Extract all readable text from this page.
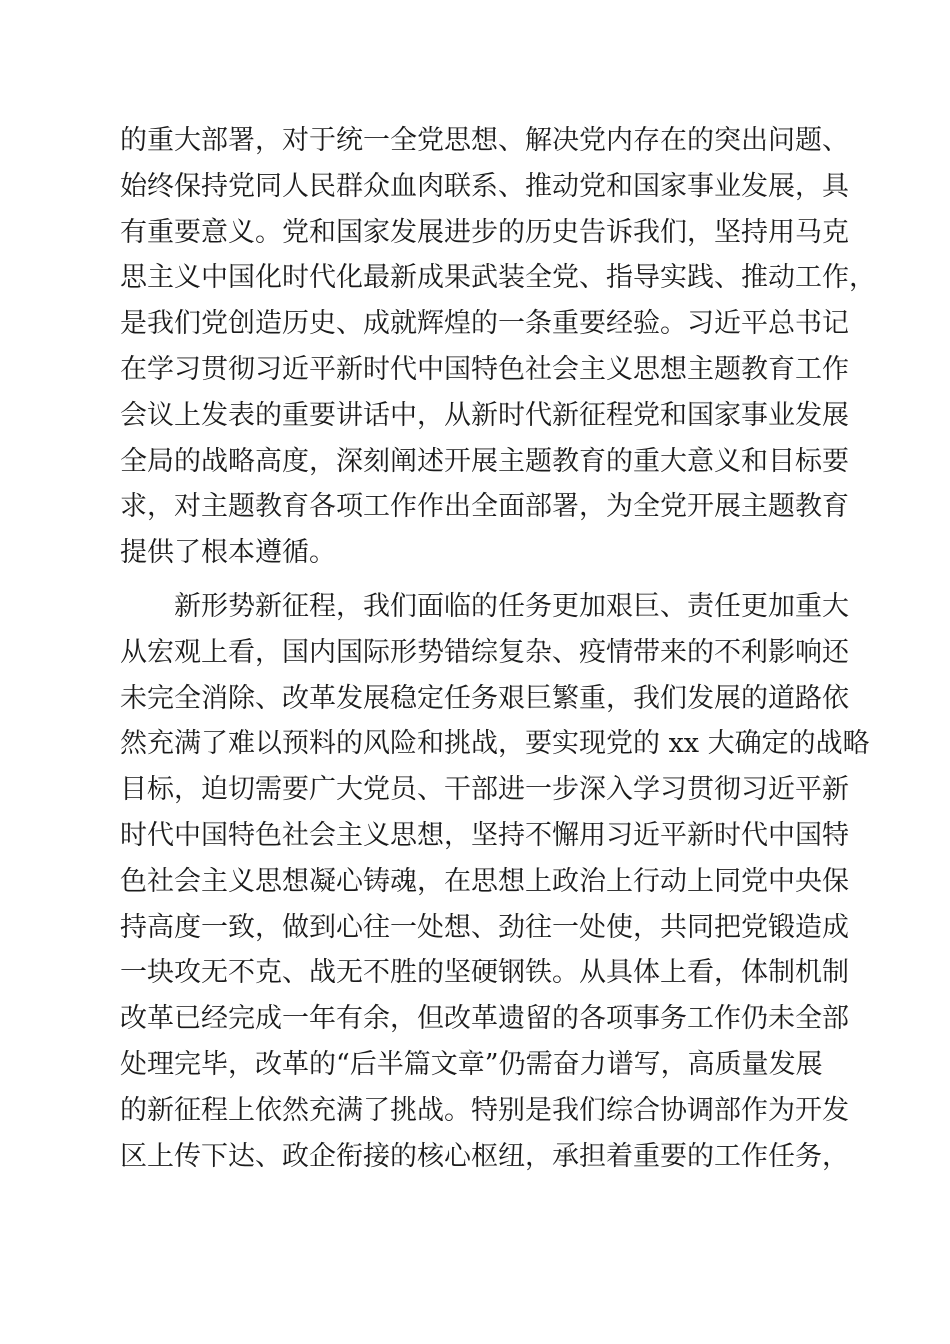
的重大部署，对于统一全党思想、解决党内存在的突出问题、
始终保持党同人民群众血肉联系、推动党和国家事业发展，具
有重要意义。党和国家发展进步的历史告诉我们，坚持用马克
思主义中国化时代化最新成果武装全党、指导实践、推动工作，
是我们党创造历史、成就辉煌的一条重要经验。习近平总书记
在学习贯彻习近平新时代中国特色社会主义思想主题教育工作
会议上发表的重要讲话中，从新时代新征程党和国家事业发展
全局的战略高度，深刻阐述开展主题教育的重大意义和目标要
求，对主题教育各项工作作出全面部署，为全党开展主题教育
提供了根本遵循。
　　新形势新征程，我们面临的任务更加艰巨、责任更加重大
从宏观上看，国内国际形势错综复杂、疫情带来的不利影响还
未完全消除、改革发展稳定任务艰巨繁重，我们发展的道路依
然充满了难以预料的风险和挑战，要实现党的 xx 大确定的战略
目标，迫切需要广大党员、干部进一步深入学习贯彻习近平新
时代中国特色社会主义思想，坚持不懈用习近平新时代中国特
色社会主义思想凝心铸魂，在思想上政治上行动上同党中央保
持高度一致，做到心往一处想、劲往一处使，共同把党锻造成
一块攻无不克、战无不胜的坚硬钢铁。从具体上看，体制机制
改革已经完成一年有余，但改革遗留的各项事务工作仍未全部
处理完毕，改革的“后半篇文章”仍需奋力谱写，高质量发展
的新征程上依然充满了挑战。特别是我们综合协调部作为开发
区上传下达、政企衔接的核心枢纽，承担着重要的工作任务，
